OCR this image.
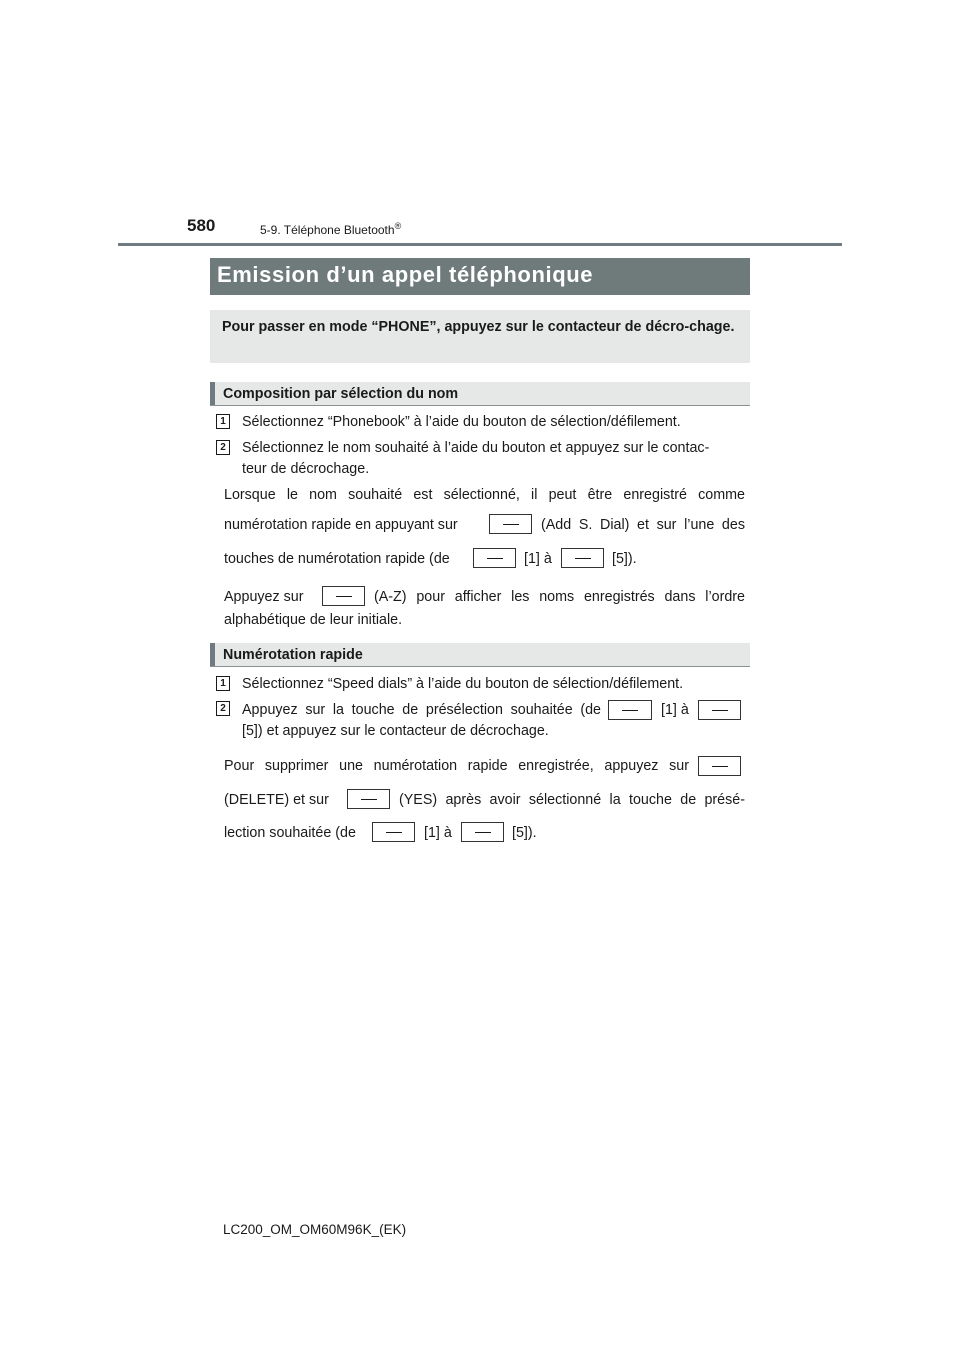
580	5-9. Téléphone Bluetooth®
Emission d’un appel téléphonique
Pour passer en mode “PHONE”, appuyez sur le contacteur de décro-chage.
Composition par sélection du nom
1 Sélectionnez “Phonebook” à l’aide du bouton de sélection/défilement.
2 Sélectionnez le nom souhaité à l’aide du bouton et appuyez sur le contac-
teur de décrochage.
Lorsque le nom souhaité est sélectionné, il peut être enregistré comme
numérotation rapide en appuyant sur	(Add S. Dial) et sur l’une des
touches de numérotation rapide (de	[1] à	[5]).
Appuyez sur	(A-Z) pour afficher les noms enregistrés dans l’ordre
alphabétique de leur initiale.
Numérotation rapide
1 Sélectionnez “Speed dials” à l’aide du bouton de sélection/défilement.
2 Appuyez sur la touche de présélection souhaitée (de	[1] à
[5]) et appuyez sur le contacteur de décrochage.
Pour supprimer une numérotation rapide enregistrée, appuyez sur
(DELETE) et sur	(YES) après avoir sélectionné la touche de présé-
lection souhaitée (de	[1] à	[5]).
LC200_OM_OM60M96K_(EK)
